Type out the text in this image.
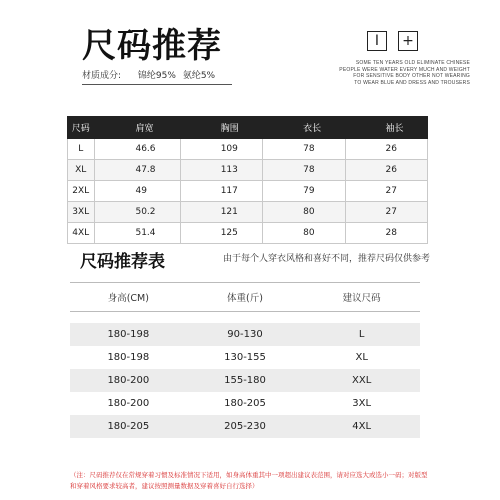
尺码推荐	I	+
SOME TEN YEARS OLD ELIMINATE CHINESE
PEOPLE WERE WATER EVERY MUCH AND WEIGHT
FOR SENSITIVE BODY OTHER NOT WEARING
TO WEAR BLUE AND DRESS AND TROUSERS
材质成分: 锦纶95% 氨纶5%
尺码	肩宽	胸围	衣长	袖长
L	46.6	109	78	26
XL	47.8	113	78	26
2XL	49	117	79	27
3XL	50.2	121	80	27
4XL	51.4	125	80	28
尺码推荐表	由于每个人穿衣风格和喜好不同，推荐尺码仅供参考
身高(CM)	体重(斤)	建议尺码
180-198	90-130	L
180-198	130-155	XL
180-200	155-180	XXL
180-200	180-205	3XL
180-205	205-230	4XL
（注：尺码推荐仅在常规穿着习惯及标准情况下适用，如身高体重其中一项超出建议表范围，请对应选大或选小一码；对版型和穿着风格要求较高者，建议按照测量数据及穿着喜好自行选择）
